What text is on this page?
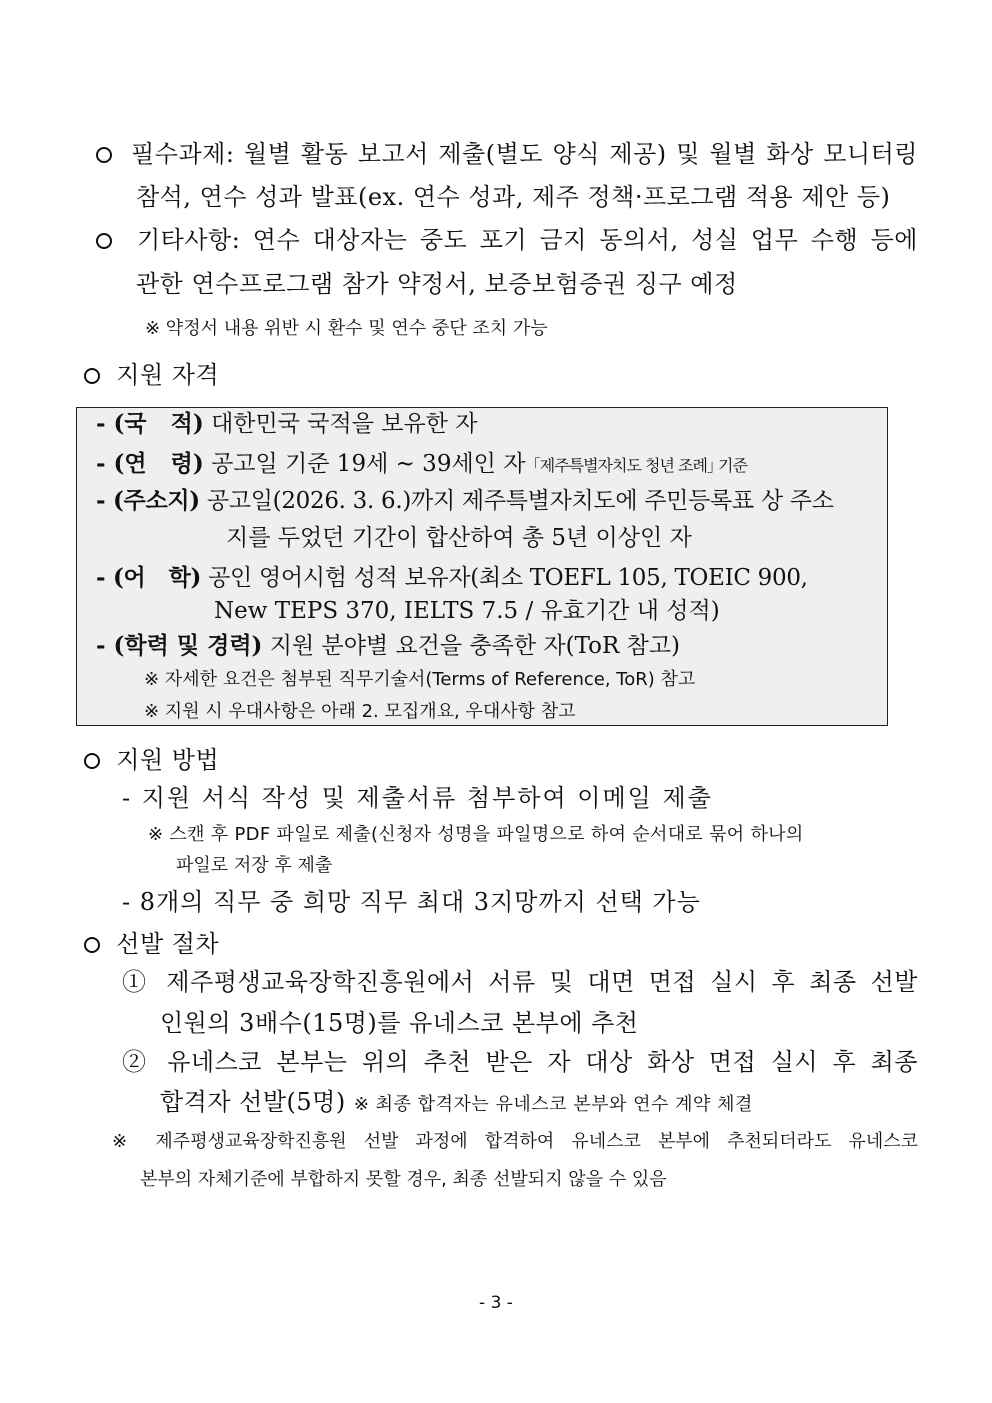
필수과제: 월별 활동 보고서 제출(별도 양식 제공) 및 월별 화상 모니터링
참석, 연수 성과 발표(ex. 연수 성과, 제주 정책·프로그램 적용 제안 등)
기타사항: 연수 대상자는 중도 포기 금지 동의서, 성실 업무 수행 등에
관한 연수프로그램 참가 약정서, 보증보험증권 징구 예정
※ 약정서 내용 위반 시 환수 및 연수 중단 조치 가능
지원 자격
- (국   적) 대한민국 국적을 보유한 자
- (연   령) 공고일 기준 19세 ~ 39세인 자 ｢제주특별자치도 청년 조례｣ 기준
- (주소지) 공고일(2026. 3. 6.)까지 제주특별자치도에 주민등록표 상 주소
지를 두었던 기간이 합산하여 총 5년 이상인 자
- (어   학) 공인 영어시험 성적 보유자(최소 TOEFL 105, TOEIC 900,
New TEPS 370, IELTS 7.5 / 유효기간 내 성적)
- (학력 및 경력) 지원 분야별 요건을 충족한 자(ToR 참고)
※ 자세한 요건은 첨부된 직무기술서(Terms of Reference, ToR) 참고
※ 지원 시 우대사항은 아래 2. 모집개요, 우대사항 참고
지원 방법
- 지원 서식 작성 및 제출서류 첨부하여 이메일 제출
※ 스캔 후 PDF 파일로 제출(신청자 성명을 파일명으로 하여 순서대로 묶어 하나의
파일로 저장 후 제출
- 8개의 직무 중 희망 직무 최대 3지망까지 선택 가능
선발 절차
① 제주평생교육장학진흥원에서 서류 및 대면 면접 실시 후 최종 선발
인원의 3배수(15명)를 유네스코 본부에 추천
② 유네스코 본부는 위의 추천 받은 자 대상 화상 면접 실시 후 최종
합격자 선발(5명) ※ 최종 합격자는 유네스코 본부와 연수 계약 체결
※ 제주평생교육장학진흥원 선발 과정에 합격하여 유네스코 본부에 추천되더라도 유네스코
본부의 자체기준에 부합하지 못할 경우, 최종 선발되지 않을 수 있음
- 3 -
